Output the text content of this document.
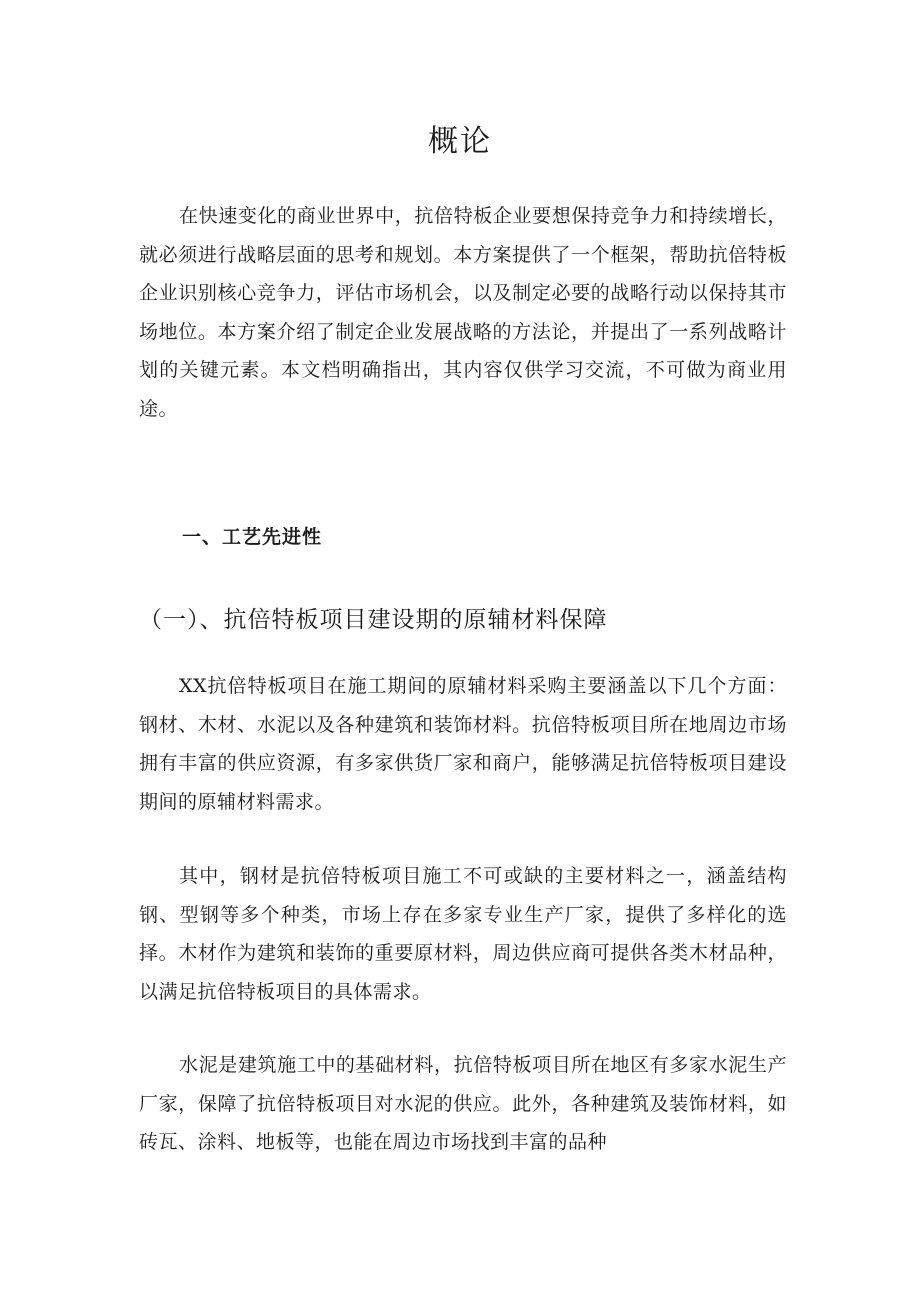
概论

在快速变化的商业世界中，抗倍特板企业要想保持竞争力和持续增长，就必须进行战略层面的思考和规划。本方案提供了一个框架，帮助抗倍特板企业识别核心竞争力，评估市场机会，以及制定必要的战略行动以保持其市场地位。本方案介绍了制定企业发展战略的方法论，并提出了一系列战略计划的关键元素。本文档明确指出，其内容仅供学习交流，不可做为商业用途。

一、工艺先进性
（一）、抗倍特板项目建设期的原辅材料保障

XX抗倍特板项目在施工期间的原辅材料采购主要涵盖以下几个方面：钢材、木材、水泥以及各种建筑和装饰材料。抗倍特板项目所在地周边市场拥有丰富的供应资源，有多家供货厂家和商户，能够满足抗倍特板项目建设期间的原辅材料需求。

其中，钢材是抗倍特板项目施工不可或缺的主要材料之一，涵盖结构钢、型钢等多个种类，市场上存在多家专业生产厂家，提供了多样化的选择。木材作为建筑和装饰的重要原材料，周边供应商可提供各类木材品种，以满足抗倍特板项目的具体需求。

水泥是建筑施工中的基础材料，抗倍特板项目所在地区有多家水泥生产厂家，保障了抗倍特板项目对水泥的供应。此外，各种建筑及装饰材料，如砖瓦、涂料、地板等，也能在周边市场找到丰富的品种
